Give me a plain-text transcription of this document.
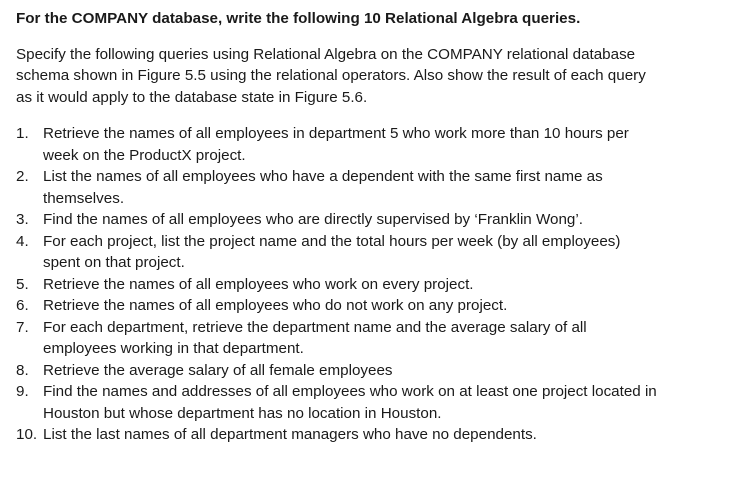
For the COMPANY database, write the following 10 Relational Algebra queries.
Specify the following queries using Relational Algebra on the COMPANY relational database
schema shown in Figure 5.5 using the relational operators. Also show the result of each query
as it would apply to the database state in Figure 5.6.
1. Retrieve the names of all employees in department 5 who work more than 10 hours per
week on the ProductX project.
2. List the names of all employees who have a dependent with the same first name as
themselves.
3. Find the names of all employees who are directly supervised by ‘Franklin Wong’.
4. For each project, list the project name and the total hours per week (by all employees)
spent on that project.
5. Retrieve the names of all employees who work on every project.
6. Retrieve the names of all employees who do not work on any project.
7. For each department, retrieve the department name and the average salary of all
employees working in that department.
8. Retrieve the average salary of all female employees
9. Find the names and addresses of all employees who work on at least one project located in
Houston but whose department has no location in Houston.
10. List the last names of all department managers who have no dependents.
